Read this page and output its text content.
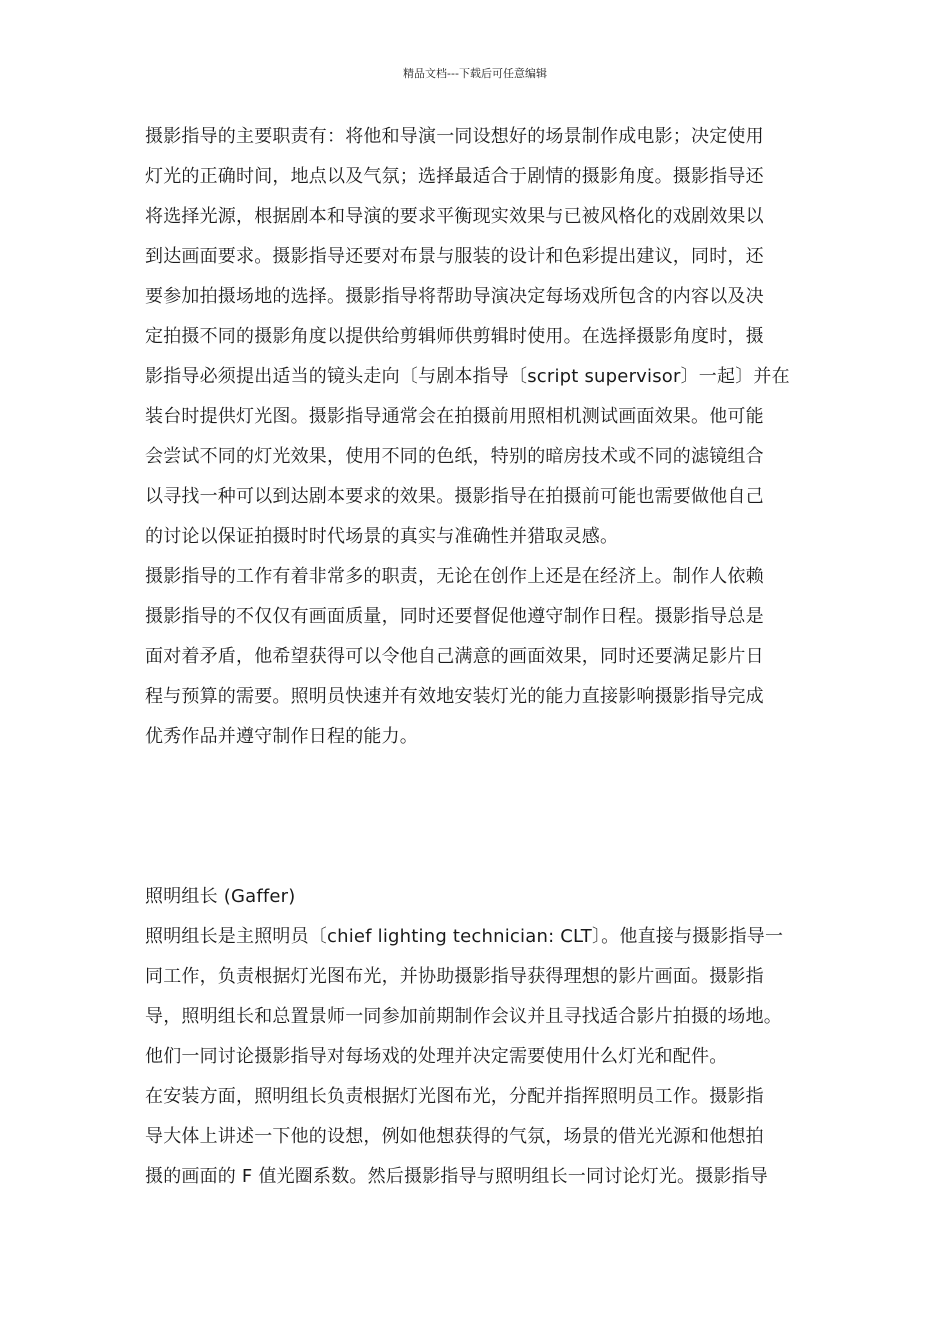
精品文档---下载后可任意编辑
摄影指导的主要职责有：将他和导演一同设想好的场景制作成电影；决定使用
灯光的正确时间，地点以及气氛；选择最适合于剧情的摄影角度。摄影指导还
将选择光源，根据剧本和导演的要求平衡现实效果与已被风格化的戏剧效果以
到达画面要求。摄影指导还要对布景与服装的设计和色彩提出建议，同时，还
要参加拍摄场地的选择。摄影指导将帮助导演决定每场戏所包含的内容以及决
定拍摄不同的摄影角度以提供给剪辑师供剪辑时使用。在选择摄影角度时，摄
影指导必须提出适当的镜头走向〔与剧本指导〔script supervisor〕一起〕并在
装台时提供灯光图。摄影指导通常会在拍摄前用照相机测试画面效果。他可能
会尝试不同的灯光效果，使用不同的色纸，特别的暗房技术或不同的滤镜组合
以寻找一种可以到达剧本要求的效果。摄影指导在拍摄前可能也需要做他自己
的讨论以保证拍摄时时代场景的真实与准确性并猎取灵感。
摄影指导的工作有着非常多的职责，无论在创作上还是在经济上。制作人依赖
摄影指导的不仅仅有画面质量，同时还要督促他遵守制作日程。摄影指导总是
面对着矛盾，他希望获得可以令他自己满意的画面效果，同时还要满足影片日
程与预算的需要。照明员快速并有效地安装灯光的能力直接影响摄影指导完成
优秀作品并遵守制作日程的能力。
照明组长 (Gaffer)
照明组长是主照明员〔chief lighting technician: CLT〕。他直接与摄影指导一
同工作，负责根据灯光图布光，并协助摄影指导获得理想的影片画面。摄影指
导，照明组长和总置景师一同参加前期制作会议并且寻找适合影片拍摄的场地。
他们一同讨论摄影指导对每场戏的处理并决定需要使用什么灯光和配件。
在安装方面，照明组长负责根据灯光图布光，分配并指挥照明员工作。摄影指
导大体上讲述一下他的设想，例如他想获得的气氛，场景的借光光源和他想拍
摄的画面的 F 值光圈系数。然后摄影指导与照明组长一同讨论灯光。摄影指导
